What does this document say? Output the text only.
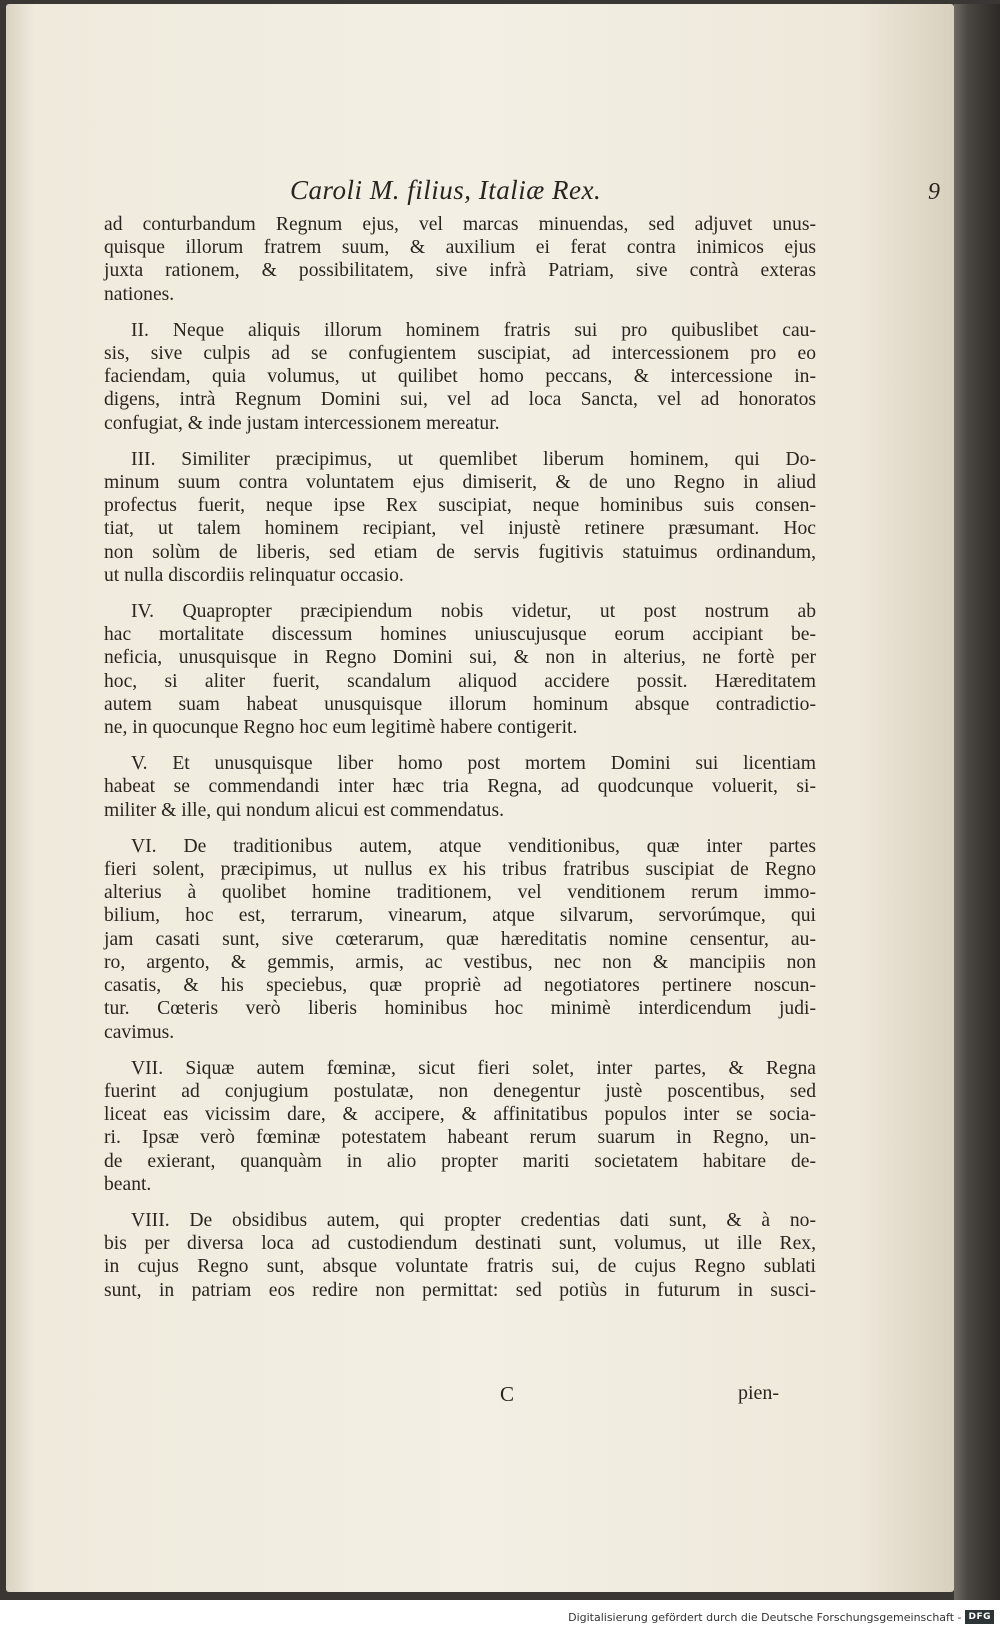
Caroli M. filius, Italiæ Rex.	9
ad conturbandum Regnum ejus, vel marcas minuendas, sed adjuvet unus-
quisque illorum fratrem suum, & auxilium ei ferat contra inimicos ejus
juxta rationem, & possibilitatem, sive infrà Patriam, sive contrà exteras
nationes.
II. Neque aliquis illorum hominem fratris sui pro quibuslibet cau-
sis, sive culpis ad se confugientem suscipiat, ad intercessionem pro eo
faciendam, quia volumus, ut quilibet homo peccans, & intercessione in-
digens, intrà Regnum Domini sui, vel ad loca Sancta, vel ad honoratos
confugiat, & inde justam intercessionem mereatur.
III. Similiter præcipimus, ut quemlibet liberum hominem, qui Do-
minum suum contra voluntatem ejus dimiserit, & de uno Regno in aliud
profectus fuerit, neque ipse Rex suscipiat, neque hominibus suis consen-
tiat, ut talem hominem recipiant, vel injustè retinere præsumant. Hoc
non solùm de liberis, sed etiam de servis fugitivis statuimus ordinandum,
ut nulla discordiis relinquatur occasio.
IV. Quapropter præcipiendum nobis videtur, ut post nostrum ab
hac mortalitate discessum homines uniuscujusque eorum accipiant be-
neficia, unusquisque in Regno Domini sui, & non in alterius, ne fortè per
hoc, si aliter fuerit, scandalum aliquod accidere possit. Hæreditatem
autem suam habeat unusquisque illorum hominum absque contradictio-
ne, in quocunque Regno hoc eum legitimè habere contigerit.
V. Et unusquisque liber homo post mortem Domini sui licentiam
habeat se commendandi inter hæc tria Regna, ad quodcunque voluerit, si-
militer & ille, qui nondum alicui est commendatus.
VI. De traditionibus autem, atque venditionibus, quæ inter partes
fieri solent, præcipimus, ut nullus ex his tribus fratribus suscipiat de Regno
alterius à quolibet homine traditionem, vel venditionem rerum immo-
bilium, hoc est, terrarum, vinearum, atque silvarum, servorúmque, qui
jam casati sunt, sive cœterarum, quæ hæreditatis nomine censentur, au-
ro, argento, & gemmis, armis, ac vestibus, nec non & mancipiis non
casatis, & his speciebus, quæ propriè ad negotiatores pertinere noscun-
tur. Cœteris verò liberis hominibus hoc minimè interdicendum judi-
cavimus.
VII. Siquæ autem fœminæ, sicut fieri solet, inter partes, & Regna
fuerint ad conjugium postulatæ, non denegentur justè poscentibus, sed
liceat eas vicissim dare, & accipere, & affinitatibus populos inter se socia-
ri. Ipsæ verò fœminæ potestatem habeant rerum suarum in Regno, un-
de exierant, quanquàm in alio propter mariti societatem habitare de-
beant.
VIII. De obsidibus autem, qui propter credentias dati sunt, & à no-
bis per diversa loca ad custodiendum destinati sunt, volumus, ut ille Rex,
in cujus Regno sunt, absque voluntate fratris sui, de cujus Regno sublati
sunt, in patriam eos redire non permittat: sed potiùs in futurum in susci-
C	pien-
Digitalisierung gefördert durch die Deutsche Forschungsgemeinschaft - DFG
